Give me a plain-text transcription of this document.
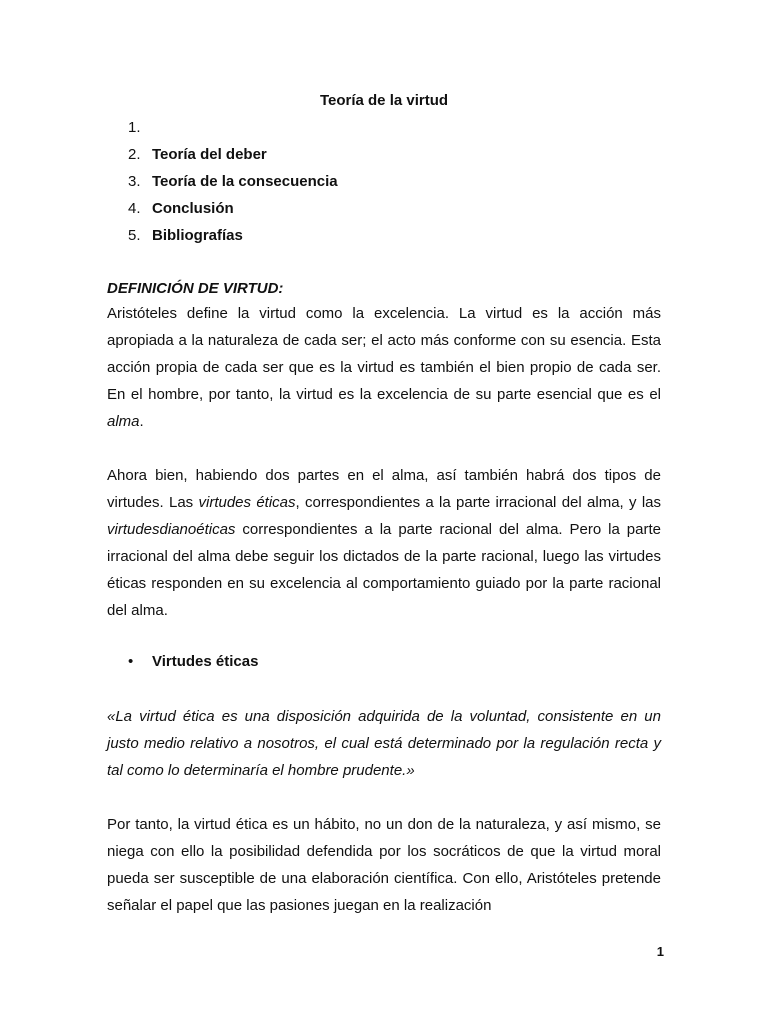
Teoría de la virtud
1.
2. Teoría del deber
3. Teoría de la consecuencia
4. Conclusión
5. Bibliografías
DEFINICIÓN DE VIRTUD:

Aristóteles define la virtud como la excelencia. La virtud es la acción más apropiada a la naturaleza de cada ser; el acto más conforme con su esencia. Esta acción propia de cada ser que es la virtud es también el bien propio de cada ser. En el hombre, por tanto, la virtud es la excelencia de su parte esencial que es el alma.

Ahora bien, habiendo dos partes en el alma, así también habrá dos tipos de virtudes. Las virtudes éticas, correspondientes a la parte irracional del alma, y las virtudesdianoéticas correspondientes a la parte racional del alma. Pero la parte irracional del alma debe seguir los dictados de la parte racional, luego las virtudes éticas responden en su excelencia al comportamiento guiado por la parte racional del alma.

•	Virtudes éticas

«La virtud ética es una disposición adquirida de la voluntad, consistente en un justo medio relativo a nosotros, el cual está determinado por la regulación recta y tal como lo determinaría el hombre prudente.»

Por tanto, la virtud ética es un hábito, no un don de la naturaleza, y así mismo, se niega con ello la posibilidad defendida por los socráticos de que la virtud moral pueda ser susceptible de una elaboración científica. Con ello, Aristóteles pretende señalar el papel que las pasiones juegan en la realización

1
